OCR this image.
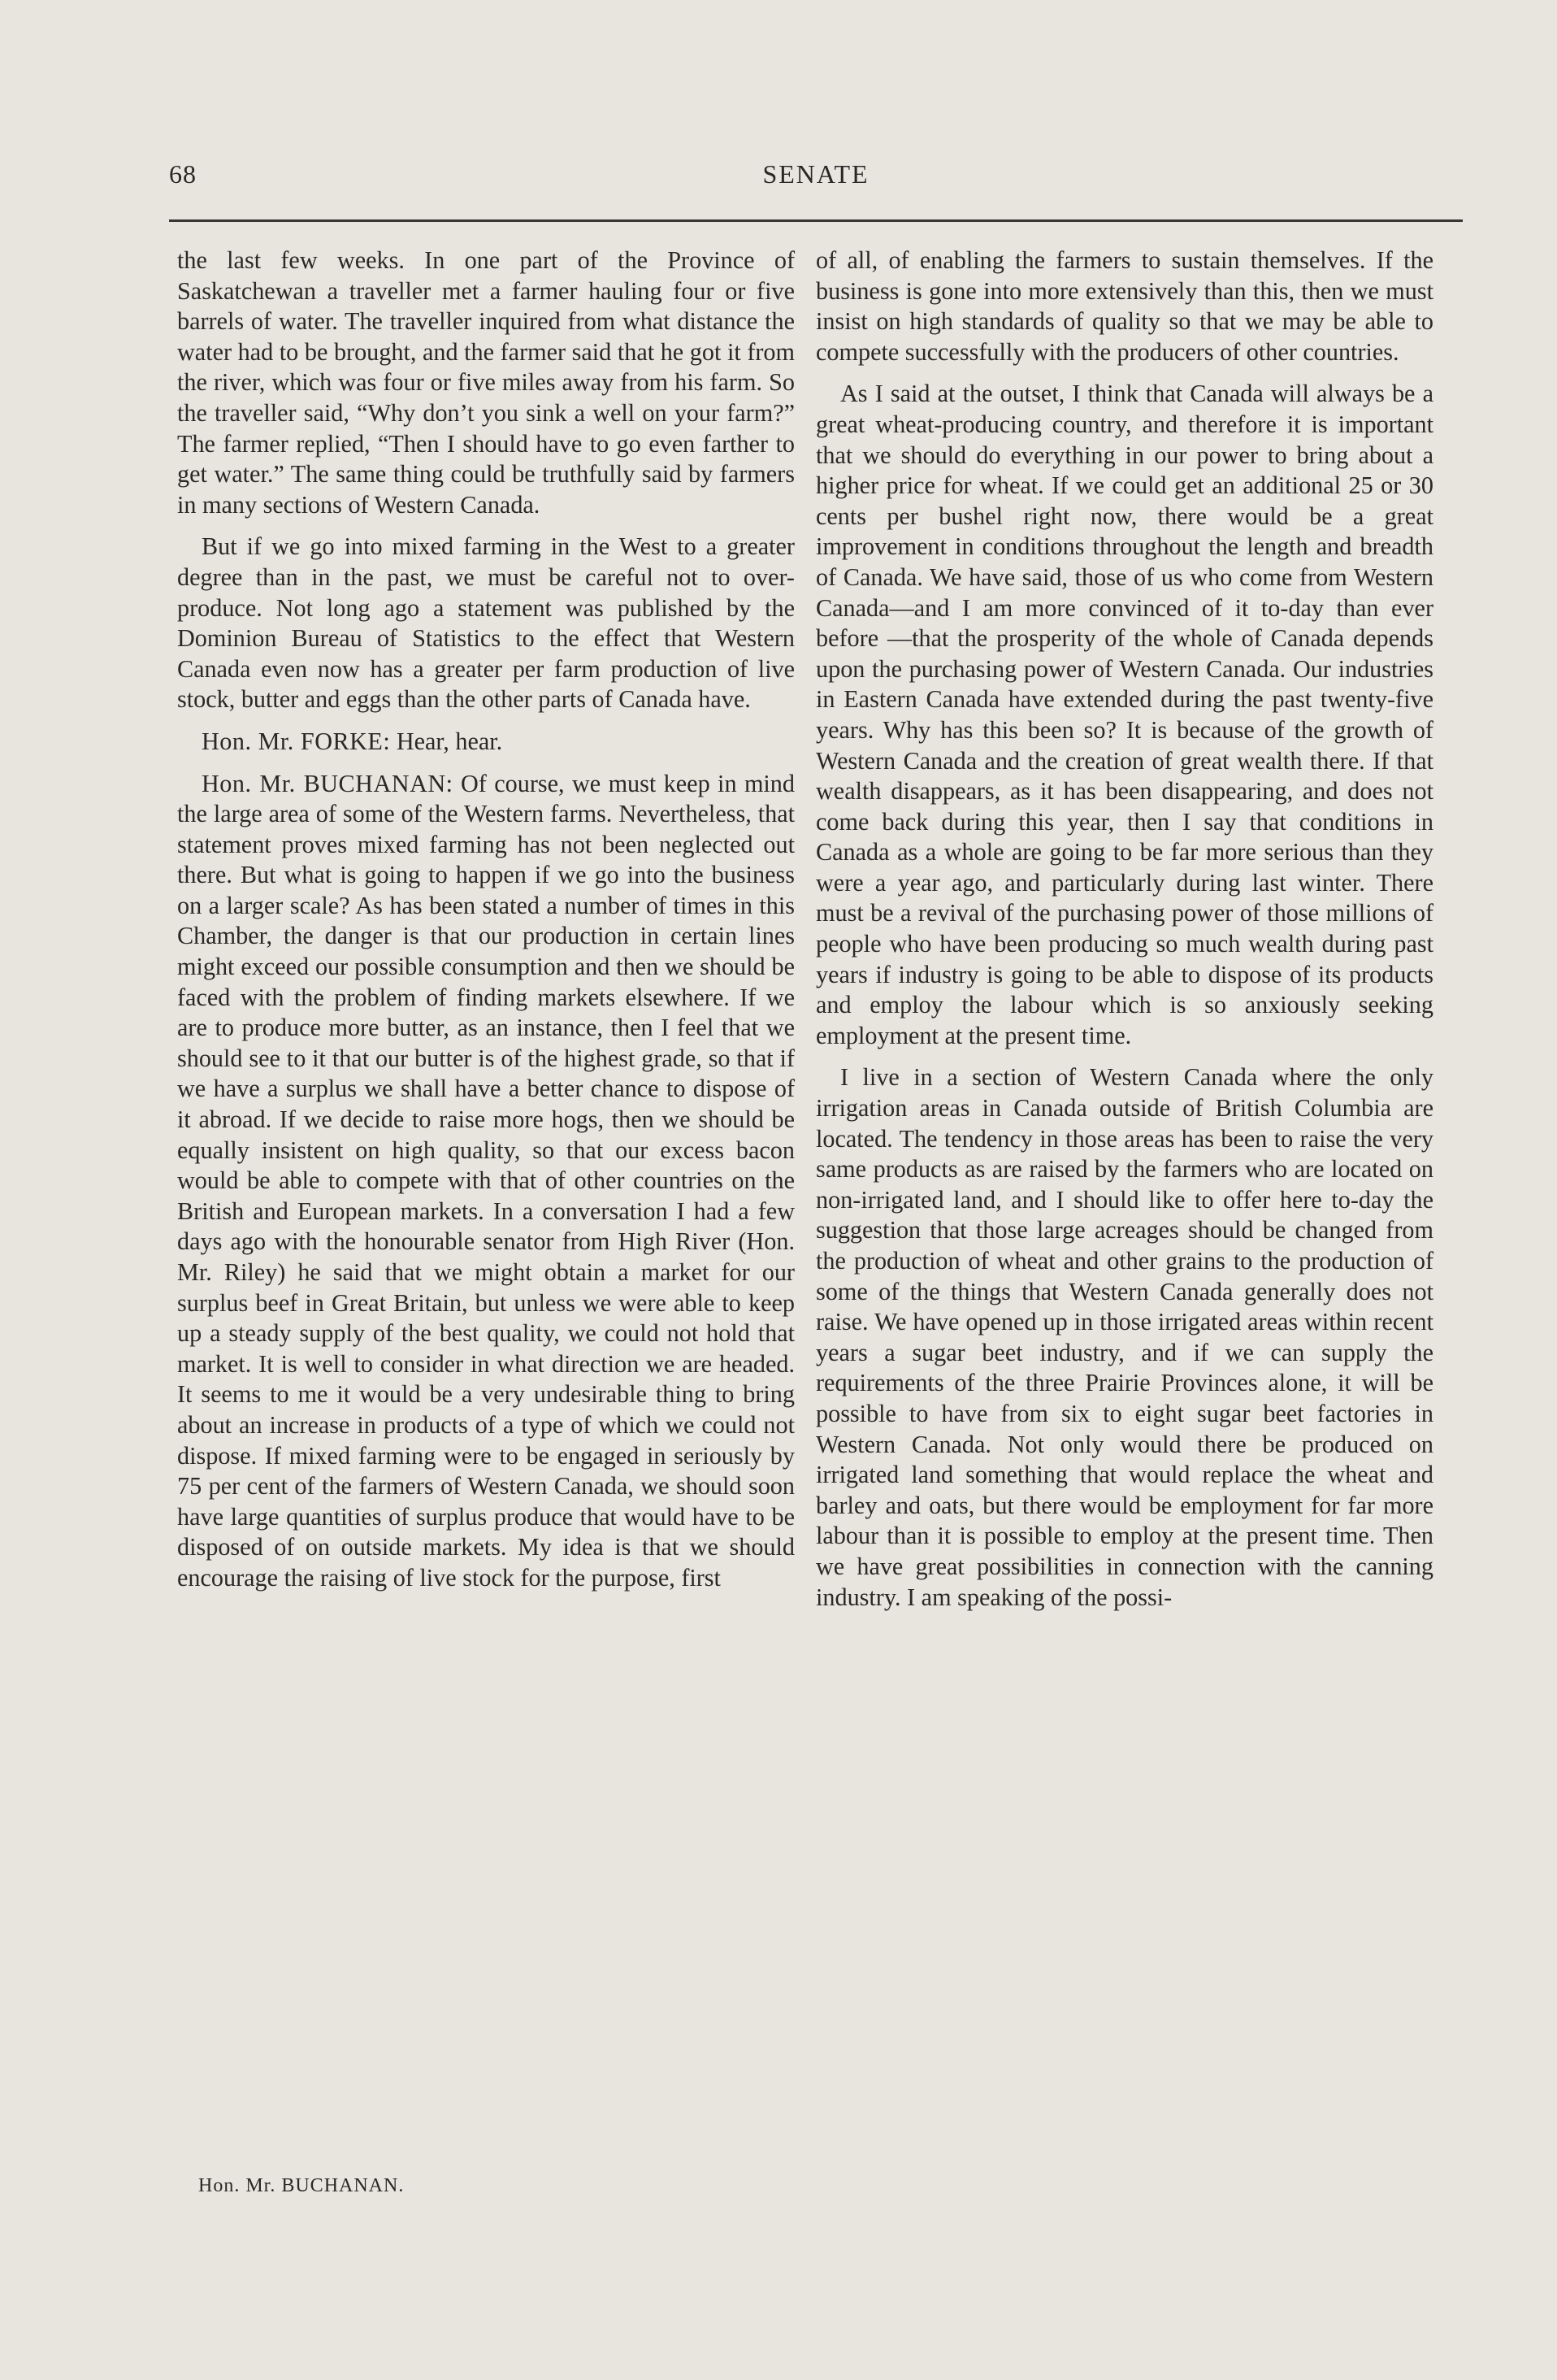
68	SENATE

the last few weeks. In one part of the Province of Saskatchewan a traveller met a farmer hauling four or five barrels of water. The traveller inquired from what distance the water had to be brought, and the farmer said that he got it from the river, which was four or five miles away from his farm. So the traveller said, “Why don’t you sink a well on your farm?” The farmer replied, “Then I should have to go even farther to get water.” The same thing could be truthfully said by farmers in many sections of Western Canada.

But if we go into mixed farming in the West to a greater degree than in the past, we must be careful not to over-produce. Not long ago a statement was published by the Dominion Bureau of Statistics to the effect that Western Canada even now has a greater per farm production of live stock, butter and eggs than the other parts of Canada have.

Hon. Mr. FORKE: Hear, hear.

Hon. Mr. BUCHANAN: Of course, we must keep in mind the large area of some of the Western farms. Nevertheless, that statement proves mixed farming has not been neglected out there. But what is going to happen if we go into the business on a larger scale? As has been stated a number of times in this Chamber, the danger is that our production in certain lines might exceed our possible consumption and then we should be faced with the problem of finding markets elsewhere. If we are to produce more butter, as an instance, then I feel that we should see to it that our butter is of the highest grade, so that if we have a surplus we shall have a better chance to dispose of it abroad. If we decide to raise more hogs, then we should be equally insistent on high quality, so that our excess bacon would be able to compete with that of other countries on the British and European markets. In a conversation I had a few days ago with the honourable senator from High River (Hon. Mr. Riley) he said that we might obtain a market for our surplus beef in Great Britain, but unless we were able to keep up a steady supply of the best quality, we could not hold that market. It is well to consider in what direction we are headed. It seems to me it would be a very undesirable thing to bring about an increase in products of a type of which we could not dispose. If mixed farming were to be engaged in seriously by 75 per cent of the farmers of Western Canada, we should soon have large quantities of surplus produce that would have to be disposed of on outside markets. My idea is that we should encourage the raising of live stock for the purpose, first

of all, of enabling the farmers to sustain themselves. If the business is gone into more extensively than this, then we must insist on high standards of quality so that we may be able to compete successfully with the producers of other countries.

As I said at the outset, I think that Canada will always be a great wheat-producing country, and therefore it is important that we should do everything in our power to bring about a higher price for wheat. If we could get an additional 25 or 30 cents per bushel right now, there would be a great improvement in conditions throughout the length and breadth of Canada. We have said, those of us who come from Western Canada—and I am more convinced of it to-day than ever before —that the prosperity of the whole of Canada depends upon the purchasing power of Western Canada. Our industries in Eastern Canada have extended during the past twenty-five years. Why has this been so? It is because of the growth of Western Canada and the creation of great wealth there. If that wealth disappears, as it has been disappearing, and does not come back during this year, then I say that conditions in Canada as a whole are going to be far more serious than they were a year ago, and particularly during last winter. There must be a revival of the purchasing power of those millions of people who have been producing so much wealth during past years if industry is going to be able to dispose of its products and employ the labour which is so anxiously seeking employment at the present time.

I live in a section of Western Canada where the only irrigation areas in Canada outside of British Columbia are located. The tendency in those areas has been to raise the very same products as are raised by the farmers who are located on non-irrigated land, and I should like to offer here to-day the suggestion that those large acreages should be changed from the production of wheat and other grains to the production of some of the things that Western Canada generally does not raise. We have opened up in those irrigated areas within recent years a sugar beet industry, and if we can supply the requirements of the three Prairie Provinces alone, it will be possible to have from six to eight sugar beet factories in Western Canada. Not only would there be produced on irrigated land something that would replace the wheat and barley and oats, but there would be employment for far more labour than it is possible to employ at the present time. Then we have great possibilities in connection with the canning industry. I am speaking of the possi-

Hon. Mr. BUCHANAN.
